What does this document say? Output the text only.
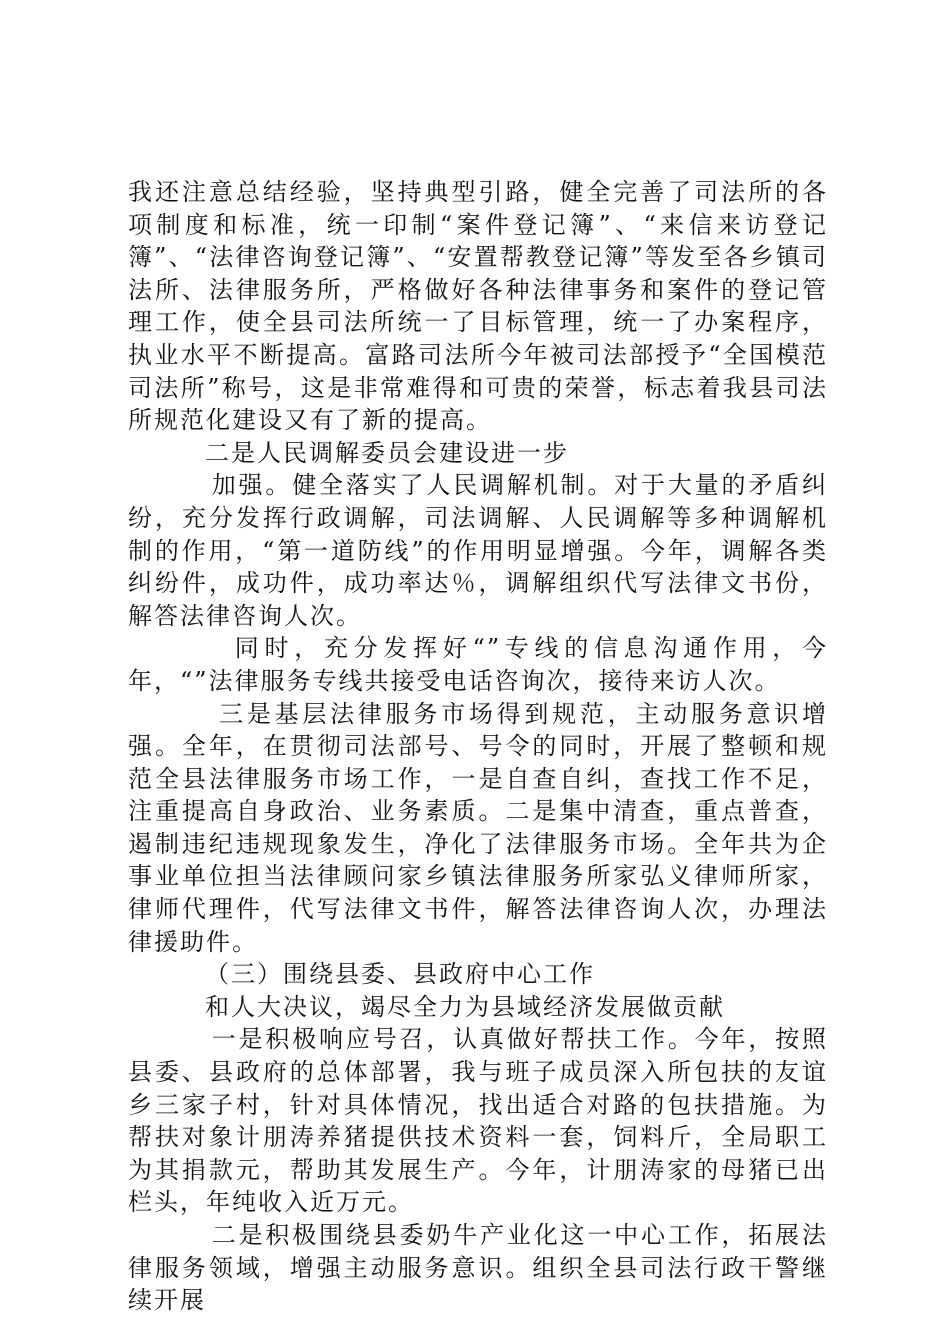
我还注意总结经验，坚持典型引路，健全完善了司法所的各项制度和标准，统一印制“案件登记簿”、“来信来访登记簿”、“法律咨询登记簿”、“安置帮教登记簿”等发至各乡镇司法所、法律服务所，严格做好各种法律事务和案件的登记管理工作，使全县司法所统一了目标管理，统一了办案程序，执业水平不断提高。富路司法所今年被司法部授予“全国模范司法所”称号，这是非常难得和可贵的荣誉，标志着我县司法所规范化建设又有了新的提高。

二是人民调解委员会建设进一步

加强。健全落实了人民调解机制。对于大量的矛盾纠纷，充分发挥行政调解，司法调解、人民调解等多种调解机制的作用，“第一道防线”的作用明显增强。今年，调解各类纠纷件，成功件，成功率达％，调解组织代写法律文书份，解答法律咨询人次。

同时，充分发挥好“”专线的信息沟通作用，今年，“”法律服务专线共接受电话咨询次，接待来访人次。

三是基层法律服务市场得到规范，主动服务意识增强。全年，在贯彻司法部号、号令的同时，开展了整顿和规范全县法律服务市场工作，一是自查自纠，查找工作不足，注重提高自身政治、业务素质。二是集中清查，重点普查，遏制违纪违规现象发生，净化了法律服务市场。全年共为企事业单位担当法律顾问家乡镇法律服务所家弘义律师所家，律师代理件，代写法律文书件，解答法律咨询人次，办理法律援助件。

（三）围绕县委、县政府中心工作

和人大决议，竭尽全力为县域经济发展做贡献

一是积极响应号召，认真做好帮扶工作。今年，按照县委、县政府的总体部署，我与班子成员深入所包扶的友谊乡三家子村，针对具体情况，找出适合对路的包扶措施。为帮扶对象计朋涛养猪提供技术资料一套，饲料斤，全局职工为其捐款元，帮助其发展生产。今年，计朋涛家的母猪已出栏头，年纯收入近万元。

二是积极围绕县委奶牛产业化这一中心工作，拓展法律服务领域，增强主动服务意识。组织全县司法行政干警继续开展
